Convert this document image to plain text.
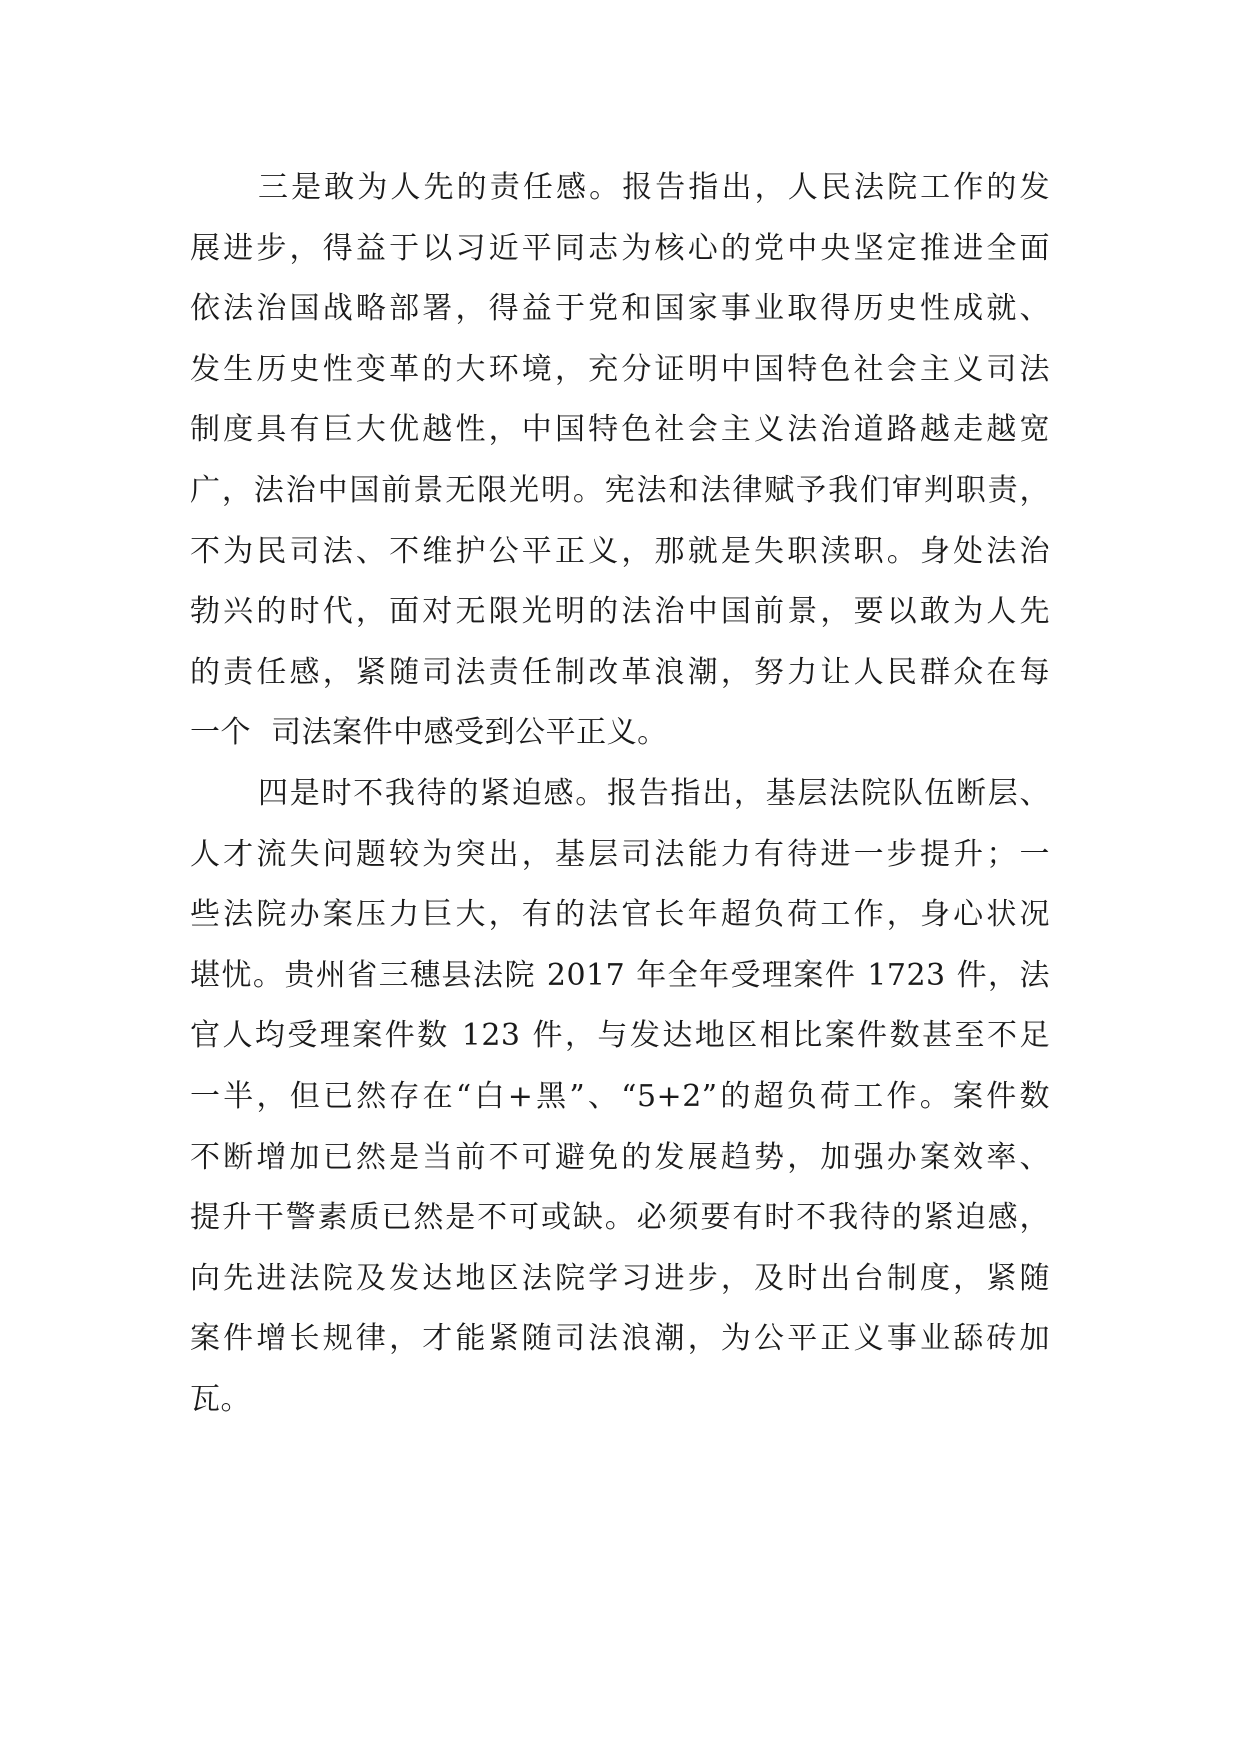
三是敢为人先的责任感。报告指出，人民法院工作的发
展进步，得益于以习近平同志为核心的党中央坚定推进全面
依法治国战略部署，得益于党和国家事业取得历史性成就、
发生历史性变革的大环境，充分证明中国特色社会主义司法
制度具有巨大优越性，中国特色社会主义法治道路越走越宽
广，法治中国前景无限光明。宪法和法律赋予我们审判职责，
不为民司法、不维护公平正义，那就是失职渎职。身处法治
勃兴的时代，面对无限光明的法治中国前景，要以敢为人先
的责任感，紧随司法责任制改革浪潮，努力让人民群众在每
一个  司法案件中感受到公平正义。
四是时不我待的紧迫感。报告指出，基层法院队伍断层、
人才流失问题较为突出，基层司法能力有待进一步提升；一
些法院办案压力巨大，有的法官长年超负荷工作，身心状况
堪忧。贵州省三穗县法院 2017 年全年受理案件 1723 件，法
官人均受理案件数 123 件，与发达地区相比案件数甚至不足
一半，但已然存在“白+黑”、“5+2”的超负荷工作。案件数
不断增加已然是当前不可避免的发展趋势，加强办案效率、
提升干警素质已然是不可或缺。必须要有时不我待的紧迫感，
向先进法院及发达地区法院学习进步，及时出台制度，紧随
案件增长规律，才能紧随司法浪潮，为公平正义事业舔砖加
瓦。
